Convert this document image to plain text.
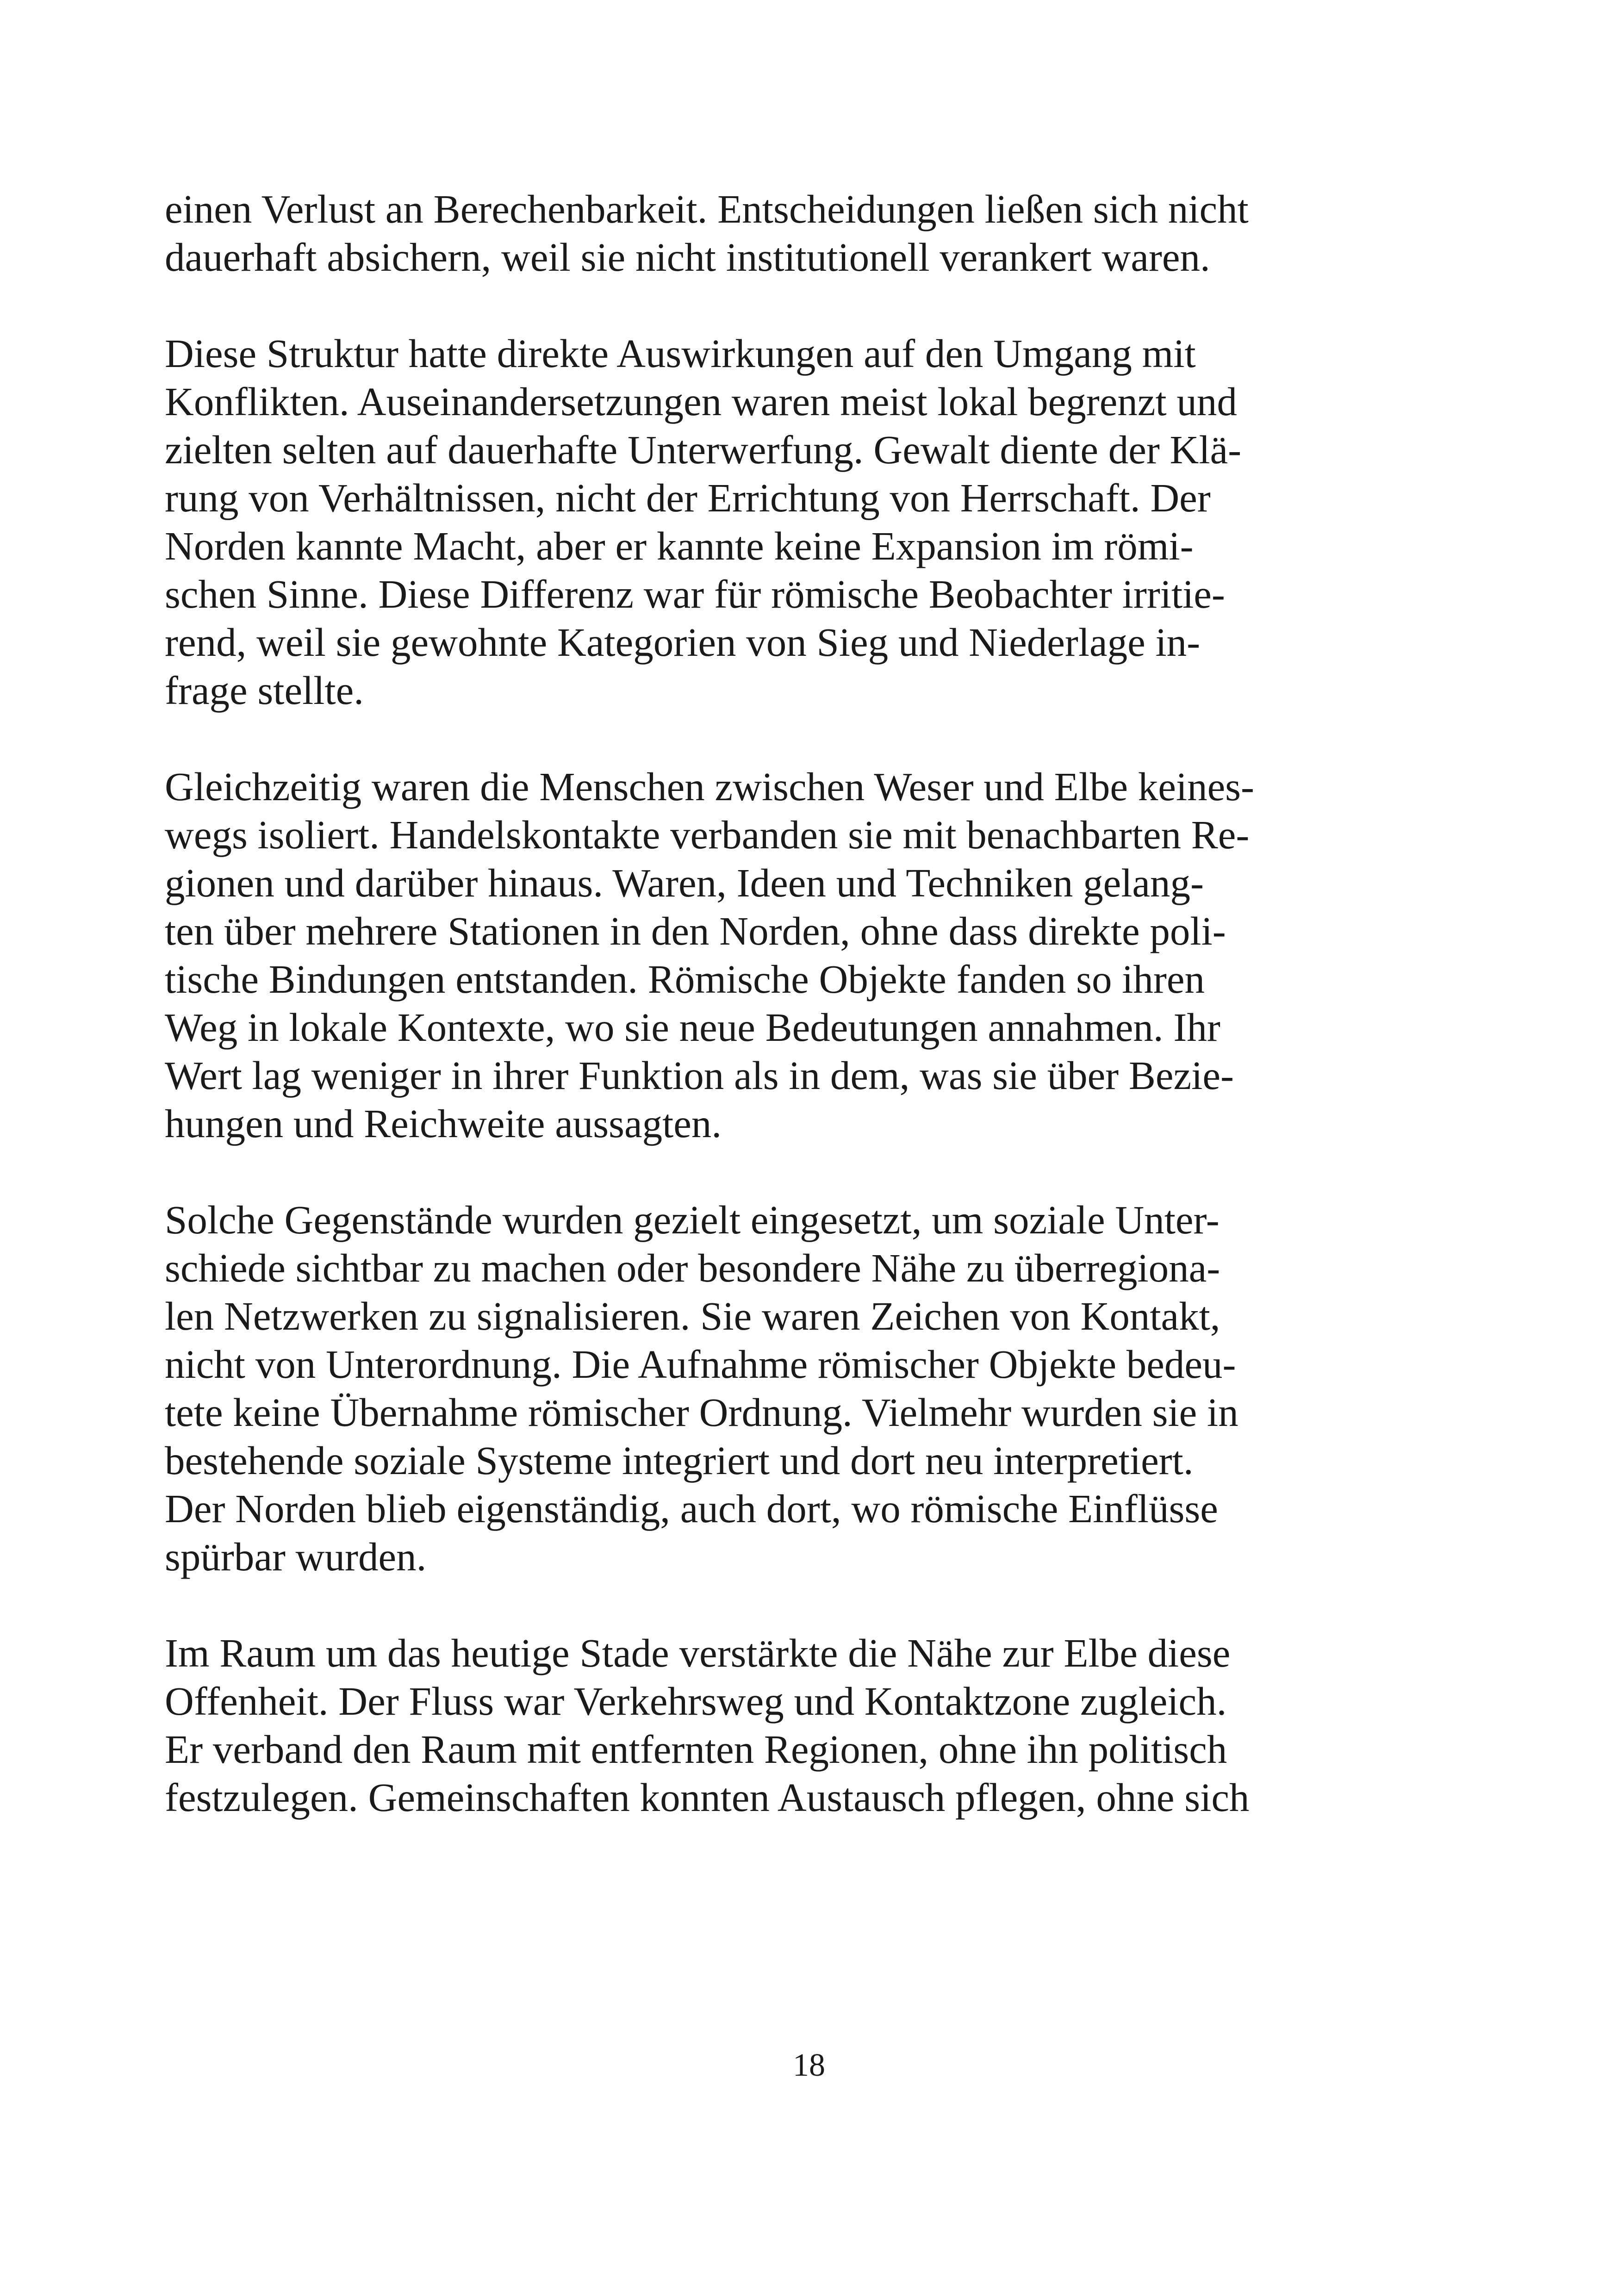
einen Verlust an Berechenbarkeit. Entscheidungen ließen sich nicht
dauerhaft absichern, weil sie nicht institutionell verankert waren.

Diese Struktur hatte direkte Auswirkungen auf den Umgang mit
Konflikten. Auseinandersetzungen waren meist lokal begrenzt und
zielten selten auf dauerhafte Unterwerfung. Gewalt diente der Klä-
rung von Verhältnissen, nicht der Errichtung von Herrschaft. Der
Norden kannte Macht, aber er kannte keine Expansion im römi-
schen Sinne. Diese Differenz war für römische Beobachter irritie-
rend, weil sie gewohnte Kategorien von Sieg und Niederlage in-
frage stellte.

Gleichzeitig waren die Menschen zwischen Weser und Elbe keines-
wegs isoliert. Handelskontakte verbanden sie mit benachbarten Re-
gionen und darüber hinaus. Waren, Ideen und Techniken gelang-
ten über mehrere Stationen in den Norden, ohne dass direkte poli-
tische Bindungen entstanden. Römische Objekte fanden so ihren
Weg in lokale Kontexte, wo sie neue Bedeutungen annahmen. Ihr
Wert lag weniger in ihrer Funktion als in dem, was sie über Bezie-
hungen und Reichweite aussagten.

Solche Gegenstände wurden gezielt eingesetzt, um soziale Unter-
schiede sichtbar zu machen oder besondere Nähe zu überregiona-
len Netzwerken zu signalisieren. Sie waren Zeichen von Kontakt,
nicht von Unterordnung. Die Aufnahme römischer Objekte bedeu-
tete keine Übernahme römischer Ordnung. Vielmehr wurden sie in
bestehende soziale Systeme integriert und dort neu interpretiert.
Der Norden blieb eigenständig, auch dort, wo römische Einflüsse
spürbar wurden.

Im Raum um das heutige Stade verstärkte die Nähe zur Elbe diese
Offenheit. Der Fluss war Verkehrsweg und Kontaktzone zugleich.
Er verband den Raum mit entfernten Regionen, ohne ihn politisch
festzulegen. Gemeinschaften konnten Austausch pflegen, ohne sich

18
